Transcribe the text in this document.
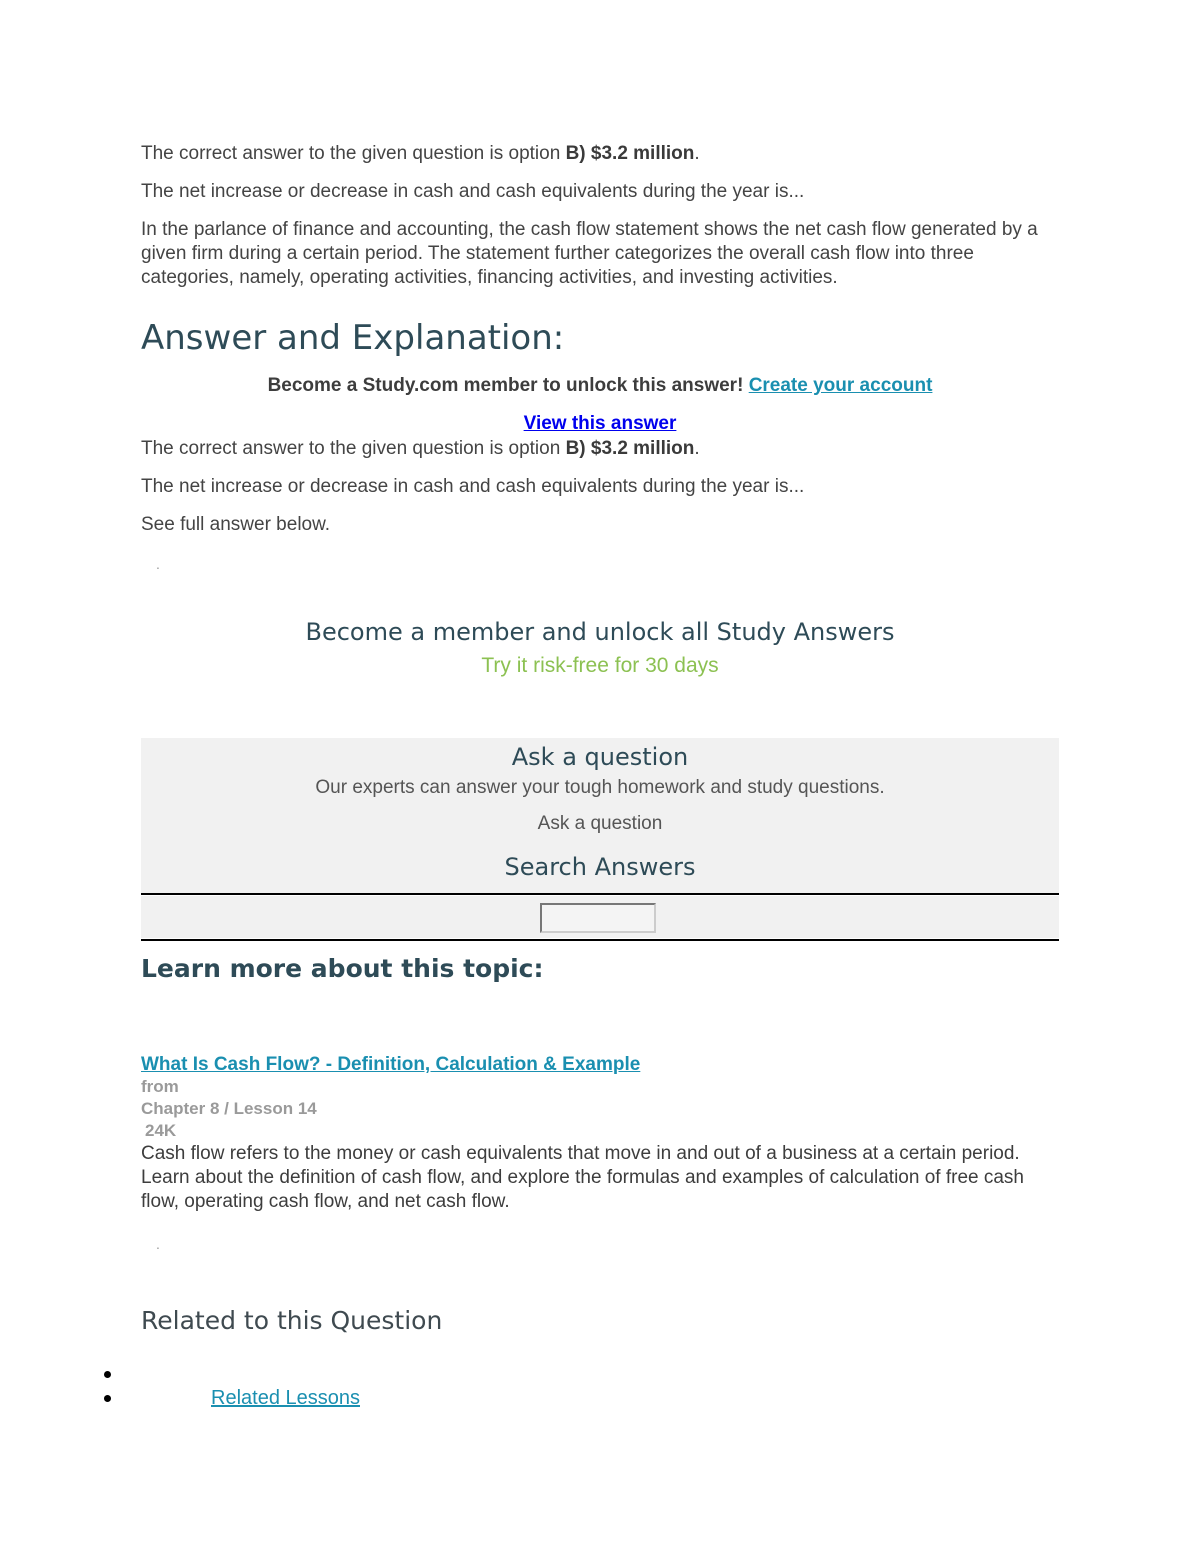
The correct answer to the given question is option B) $3.2 million.

The net increase or decrease in cash and cash equivalents during the year is...

In the parlance of finance and accounting, the cash flow statement shows the net cash flow generated by a given firm during a certain period. The statement further categorizes the overall cash flow into three categories, namely, operating activities, financing activities, and investing activities.

Answer and Explanation:
Become a Study.com member to unlock this answer! Create your account
View this answer

The correct answer to the given question is option B) $3.2 million.

The net increase or decrease in cash and cash equivalents during the year is...

See full answer below.

.
Become a member and unlock all Study Answers
Try it risk-free for 30 days
Ask a question
Our experts can answer your tough homework and study questions.
Ask a question
Search Answers
Learn more about this topic:
What Is Cash Flow? - Definition, Calculation & Example
from
Chapter 8 / Lesson 14
24K

Cash flow refers to the money or cash equivalents that move in and out of a business at a certain period. Learn about the definition of cash flow, and explore the formulas and examples of calculation of free cash flow, operating cash flow, and net cash flow.

.
Related to this Question
Related Lessons
